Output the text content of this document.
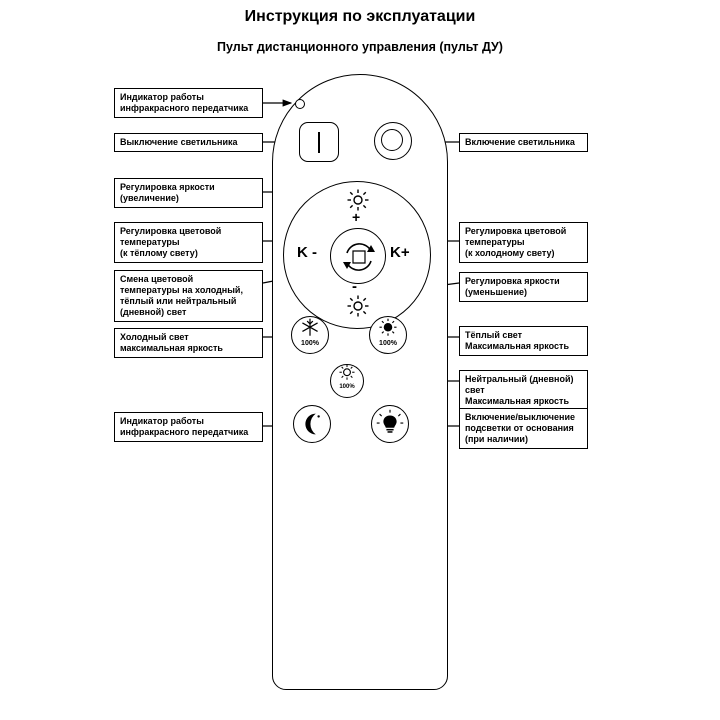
Инструкция по эксплуатации
Пульт дистанционного управления (пульт ДУ)
+
K -	K+
-
100%	100%
100%
Индикатор работы
инфракрасного передатчика
Выключение светильника
Регулировка яркости
(увеличение)
Регулировка цветовой
температуры
(к тёплому свету)
Смена цветовой
температуры на холодный,
тёплый или нейтральный
(дневной) свет
Холодный свет
максимальная яркость
Индикатор работы
инфракрасного передатчика
Включение светильника
Регулировка цветовой
температуры
(к холодному свету)
Регулировка яркости
(уменьшение)
Тёплый свет
Максимальная яркость
Нейтральный (дневной) свет
Максимальная яркость
Включение/выключение
подсветки от основания
(при наличии)
